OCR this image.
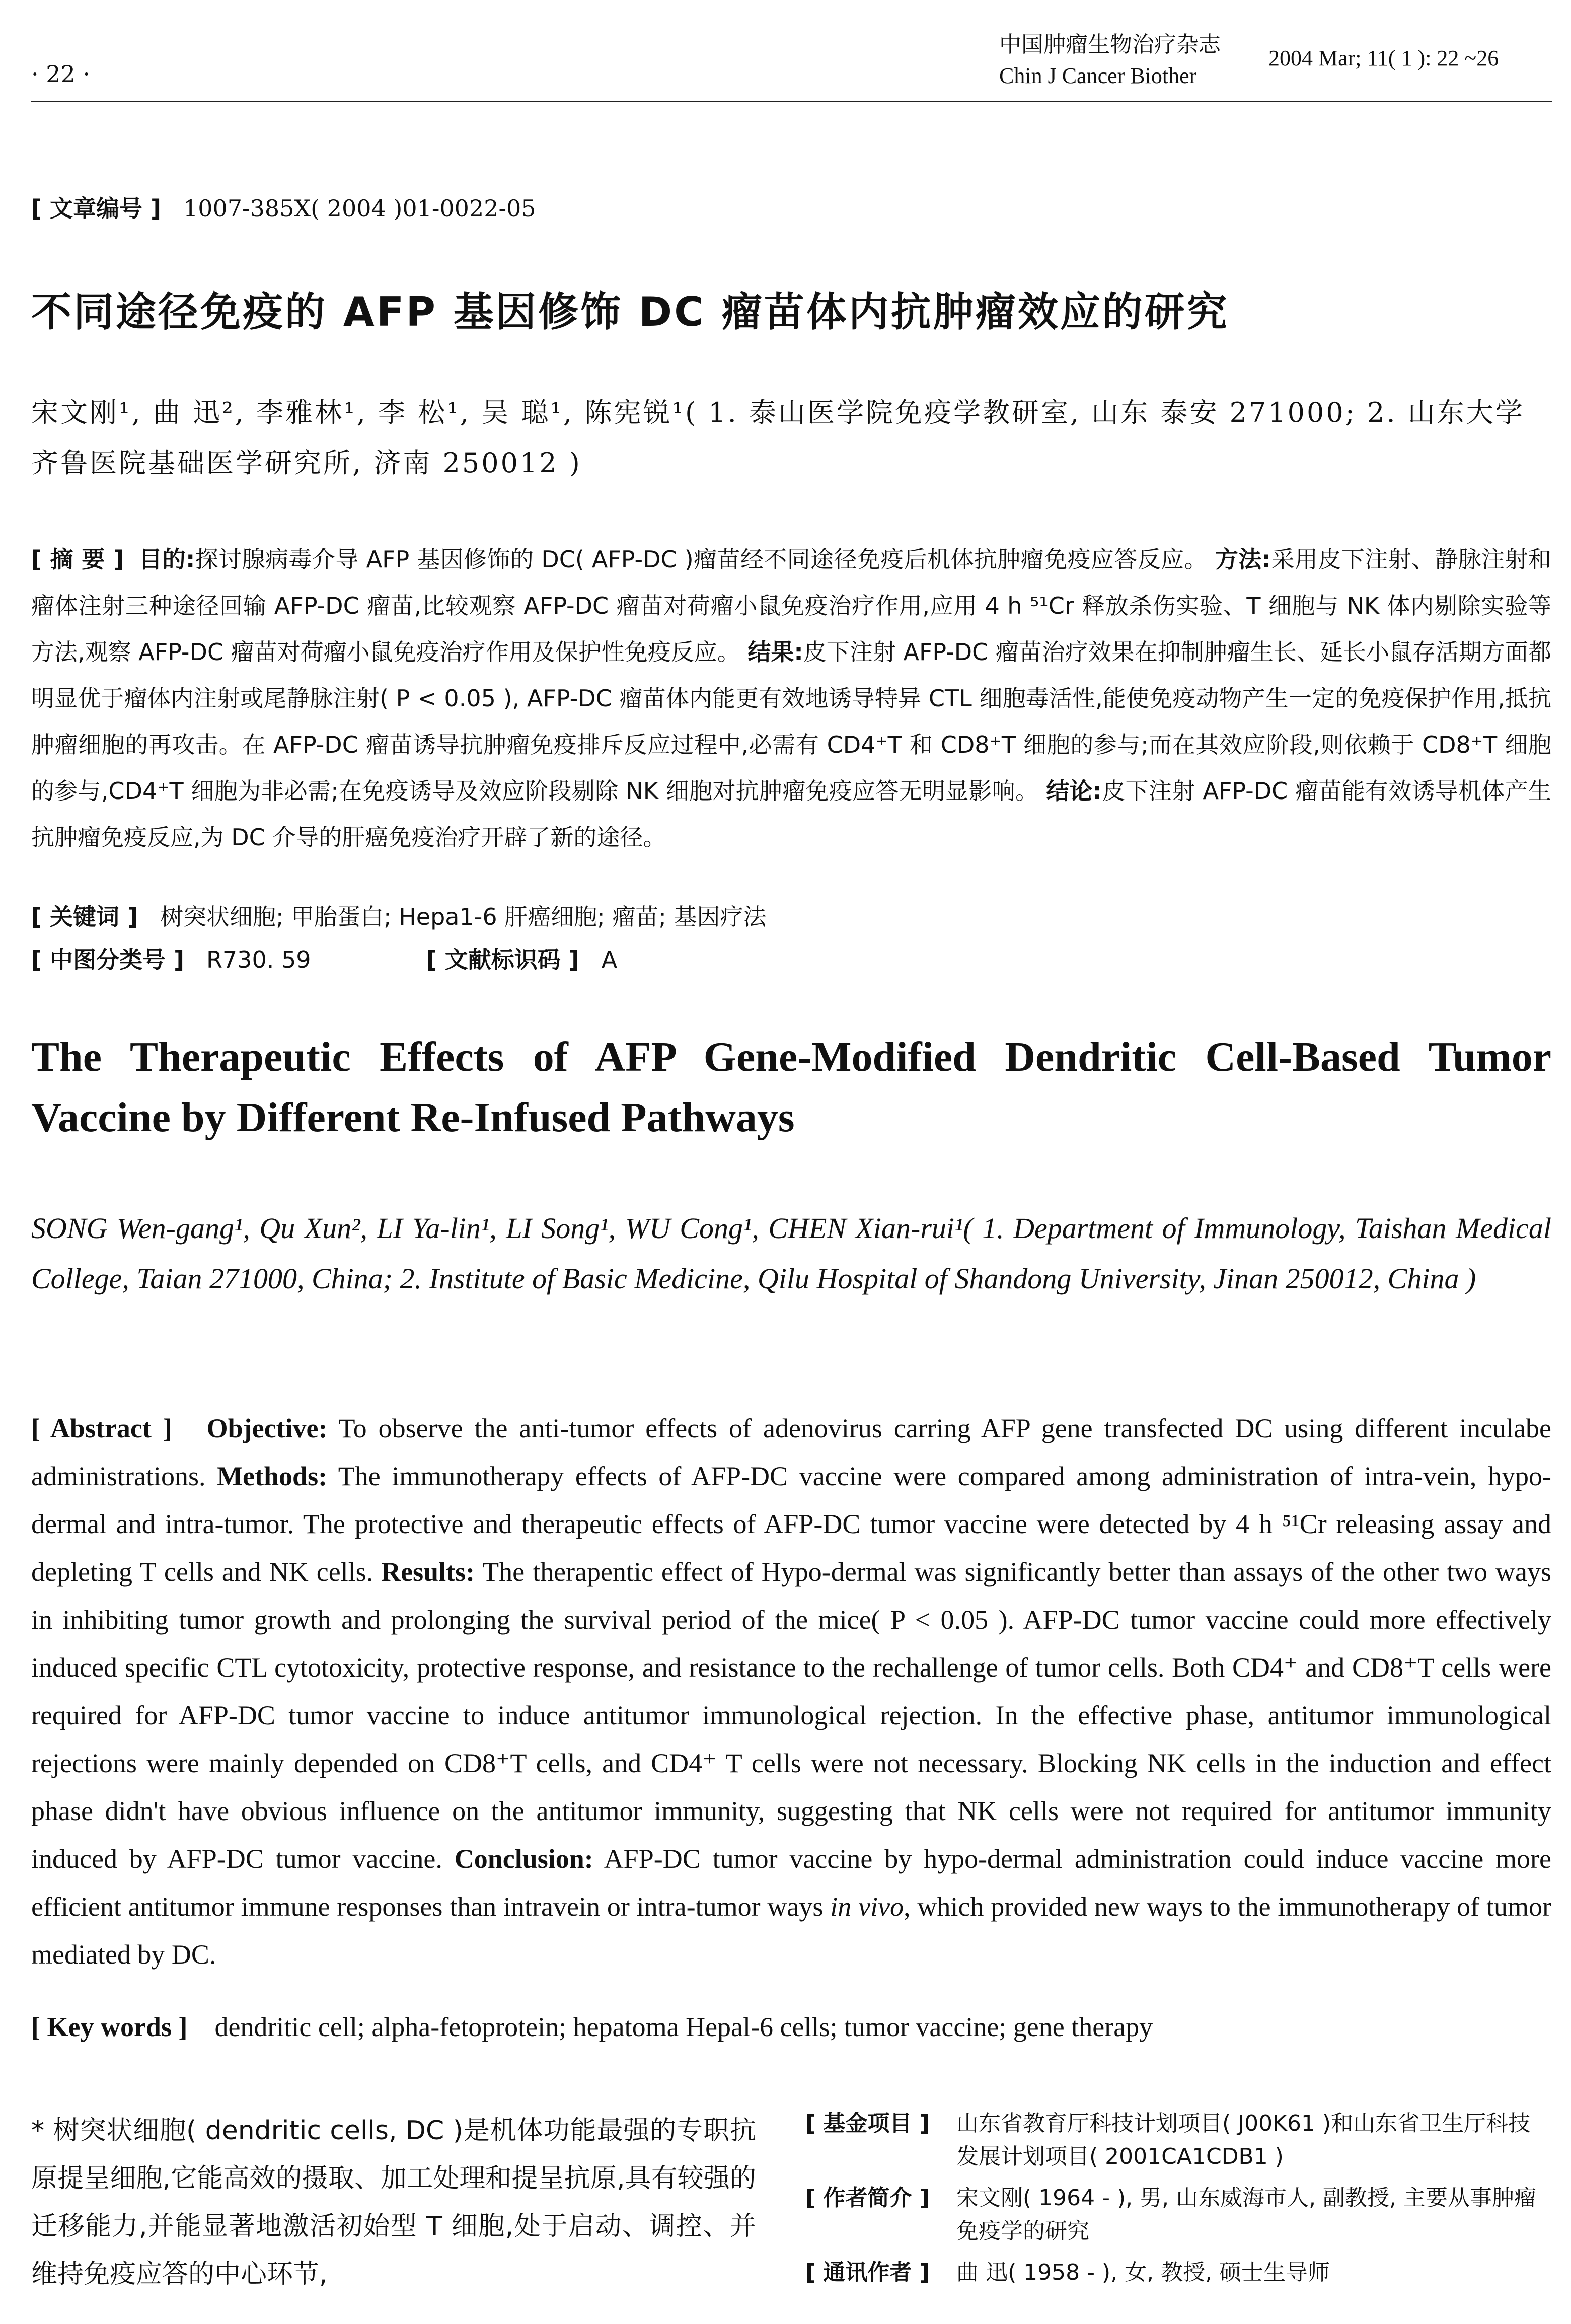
· 22 ·
中国肿瘤生物治疗杂志
Chin J Cancer Biother
2004 Mar; 11( 1 ): 22 ~26
[ 文章编号 ] 1007-385X( 2004 )01-0022-05
不同途径免疫的 AFP 基因修饰 DC 瘤苗体内抗肿瘤效应的研究
宋文刚¹, 曲 迅², 李雅林¹, 李 松¹, 吴 聪¹, 陈宪锐¹( 1. 泰山医学院免疫学教研室, 山东 泰安 271000; 2. 山东大学齐鲁医院基础医学研究所, 济南 250012 )
[ 摘 要 ] 目的:探讨腺病毒介导 AFP 基因修饰的 DC( AFP-DC )瘤苗经不同途径免疫后机体抗肿瘤免疫应答反应。 方法:采用皮下注射、静脉注射和瘤体注射三种途径回输 AFP-DC 瘤苗,比较观察 AFP-DC 瘤苗对荷瘤小鼠免疫治疗作用,应用 4 h ⁵¹Cr 释放杀伤实验、T 细胞与 NK 体内剔除实验等方法,观察 AFP-DC 瘤苗对荷瘤小鼠免疫治疗作用及保护性免疫反应。 结果:皮下注射 AFP-DC 瘤苗治疗效果在抑制肿瘤生长、延长小鼠存活期方面都明显优于瘤体内注射或尾静脉注射( P < 0.05 ), AFP-DC 瘤苗体内能更有效地诱导特异 CTL 细胞毒活性,能使免疫动物产生一定的免疫保护作用,抵抗肿瘤细胞的再攻击。在 AFP-DC 瘤苗诱导抗肿瘤免疫排斥反应过程中,必需有 CD4⁺T 和 CD8⁺T 细胞的参与;而在其效应阶段,则依赖于 CD8⁺T 细胞的参与,CD4⁺T 细胞为非必需;在免疫诱导及效应阶段剔除 NK 细胞对抗肿瘤免疫应答无明显影响。 结论:皮下注射 AFP-DC 瘤苗能有效诱导机体产生抗肿瘤免疫反应,为 DC 介导的肝癌免疫治疗开辟了新的途径。
[ 关键词 ] 树突状细胞; 甲胎蛋白; Hepa1-6 肝癌细胞; 瘤苗; 基因疗法
[ 中图分类号 ] R730. 59	[ 文献标识码 ] A
The Therapeutic Effects of AFP Gene-Modified Dendritic Cell-Based Tumor Vaccine by Different Re-Infused Pathways
SONG Wen-gang¹, Qu Xun², LI Ya-lin¹, LI Song¹, WU Cong¹, CHEN Xian-rui¹( 1. Department of Immunology, Taishan Medical College, Taian 271000, China; 2. Institute of Basic Medicine, Qilu Hospital of Shandong University, Jinan 250012, China )
[ Abstract ] Objective: To observe the anti-tumor effects of adenovirus carring AFP gene transfected DC using different inculabe administrations. Methods: The immunotherapy effects of AFP-DC vaccine were compared among administration of intra-vein, hypo-dermal and intra-tumor. The protective and therapeutic effects of AFP-DC tumor vaccine were detected by 4 h ⁵¹Cr releasing assay and depleting T cells and NK cells. Results: The therapentic effect of Hypo-dermal was significantly better than assays of the other two ways in inhibiting tumor growth and prolonging the survival period of the mice( P < 0.05 ). AFP-DC tumor vaccine could more effectively induced specific CTL cytotoxicity, protective response, and resistance to the rechallenge of tumor cells. Both CD4⁺ and CD8⁺T cells were required for AFP-DC tumor vaccine to induce antitumor immunological rejection. In the effective phase, antitumor immunological rejections were mainly depended on CD8⁺T cells, and CD4⁺ T cells were not necessary. Blocking NK cells in the induction and effect phase didn't have obvious influence on the antitumor immunity, suggesting that NK cells were not required for antitumor immunity induced by AFP-DC tumor vaccine. Conclusion: AFP-DC tumor vaccine by hypo-dermal administration could induce vaccine more efficient antitumor immune responses than intravein or intra-tumor ways in vivo, which provided new ways to the immunotherapy of tumor mediated by DC.
[ Key words ] dendritic cell; alpha-fetoprotein; hepatoma Hepal-6 cells; tumor vaccine; gene therapy
* 树突状细胞( dendritic cells, DC )是机体功能最强的专职抗原提呈细胞,它能高效的摄取、加工处理和提呈抗原,具有较强的迁移能力,并能显著地激活初始型 T 细胞,处于启动、调控、并维持免疫应答的中心环节,
[ 基金项目 ]	山东省教育厅科技计划项目( J00K61 )和山东省卫生厅科技发展计划项目( 2001CA1CDB1 )
[ 作者简介 ]	宋文刚( 1964 - ), 男, 山东威海市人, 副教授, 主要从事肿瘤免疫学的研究
[ 通讯作者 ]	曲 迅( 1958 - ), 女, 教授, 硕士生导师
